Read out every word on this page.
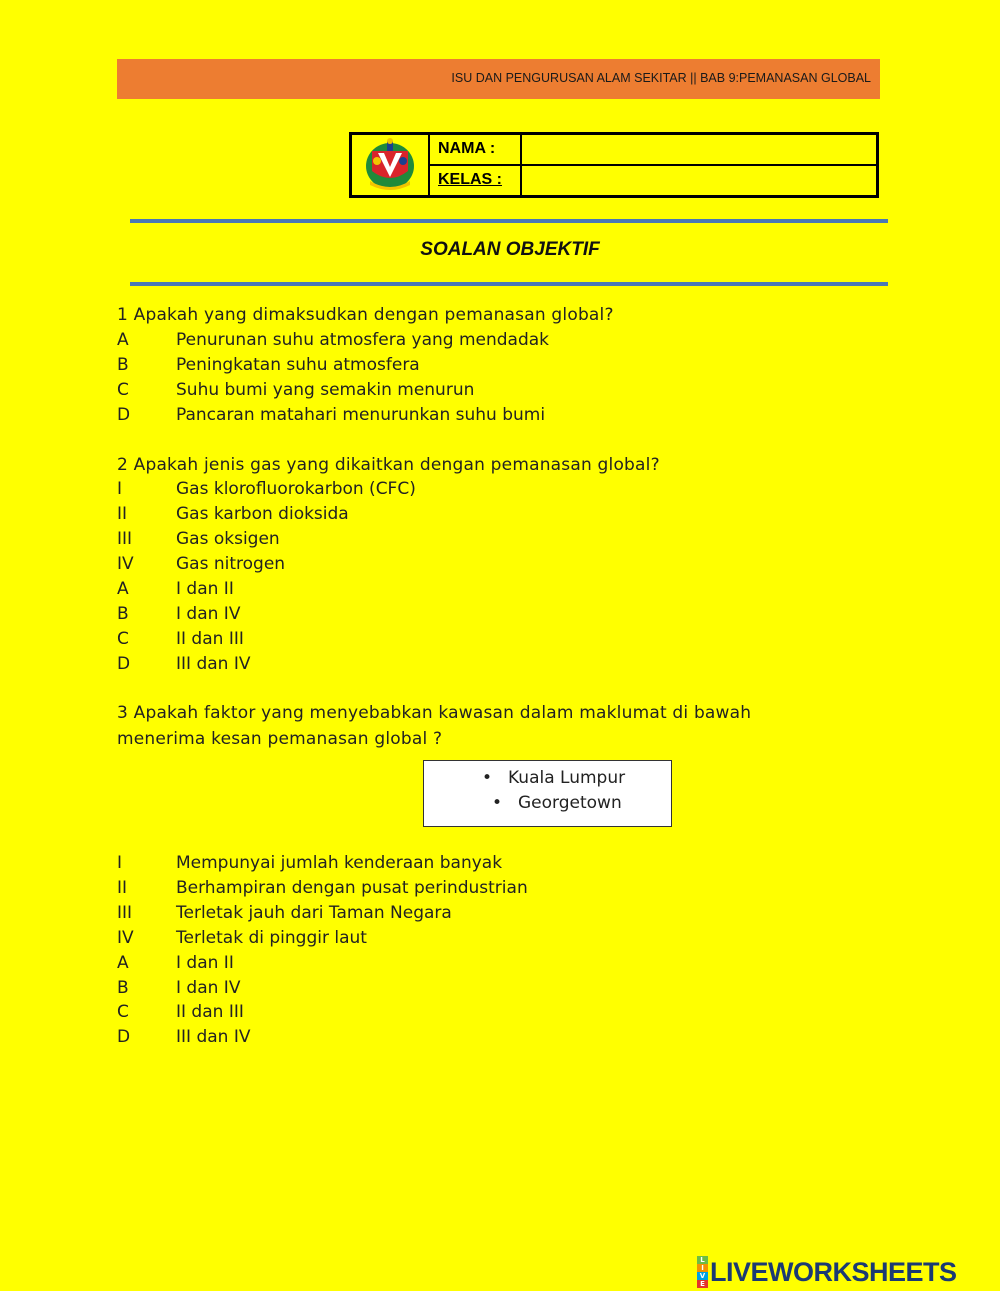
ISU DAN PENGURUSAN ALAM SEKITAR || BAB 9:PEMANASAN GLOBAL
NAMA :
KELAS :
SOALAN OBJEKTIF
1 Apakah yang dimaksudkan dengan pemanasan global?
A	Penurunan suhu atmosfera yang mendadak
B	Peningkatan suhu atmosfera
C	Suhu bumi yang semakin menurun
D	Pancaran matahari menurunkan suhu bumi
2 Apakah jenis gas yang dikaitkan dengan pemanasan global?
I	Gas klorofluorokarbon (CFC)
II	Gas karbon dioksida
III	Gas oksigen
IV Gas nitrogen
A	I dan II
B	I dan IV
C	II dan III
D	III dan IV
3 Apakah faktor yang menyebabkan kawasan dalam maklumat di bawah
menerima kesan pemanasan global ?
• Kuala Lumpur
• Georgetown
I	Mempunyai jumlah kenderaan banyak
II	Berhampiran dengan pusat perindustrian
III	Terletak jauh dari Taman Negara
IV Terletak di pinggir laut
A	I dan II
B	I dan IV
C	II dan III
D	III dan IV
L
I
V
E LIVEWORKSHEETS
